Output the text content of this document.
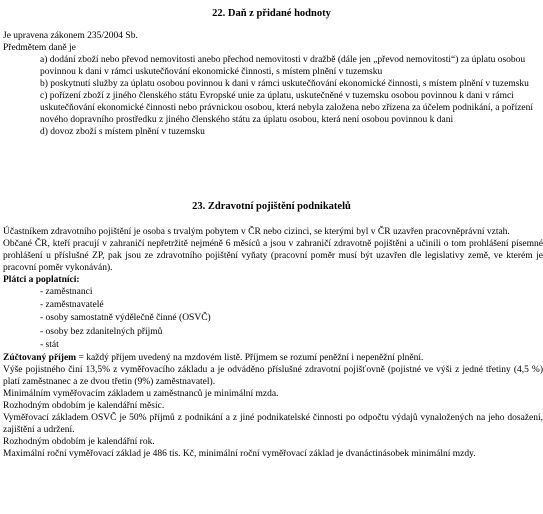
22. Daň z přidané hodnoty

Je upravena zákonem 235/2004 Sb.

Předmětem daně je

a) dodání zboží nebo převod nemovitosti anebo přechod nemovitosti v dražbě (dále jen „převod nemovitosti“) za úplatu osobou povinnou k dani v rámci uskutečňování ekonomické činnosti, s místem plnění v tuzemsku
b) poskytnutí služby za úplatu osobou povinnou k dani v rámci uskutečňování ekonomické činnosti, s místem plnění v tuzemsku
c) pořízení zboží z jiného členského státu Evropské unie za úplatu, uskutečněné v tuzemsku osobou povinnou k dani v rámci uskutečňování ekonomické činnosti nebo právnickou osobou, která nebyla založena nebo zřízena za účelem podnikání, a pořízení nového dopravního prostředku z jiného členského státu za úplatu osobou, která není osobou povinnou k dani
d) dovoz zboží s místem plnění v tuzemsku
23. Zdravotní pojištění podnikatelů

Účastníkem zdravotního pojištění je osoba s trvalým pobytem v ČR nebo cizinci, se kterými byl v ČR uzavřen pracovněprávní vztah.

Občané ČR, kteří pracují v zahraničí nepřetržitě nejméně 6 měsíců a jsou v zahraničí zdravotně pojištěni a učinili o tom prohlášení písemné prohlášení u příslušné ZP, pak jsou ze zdravotního pojištění vyňaty (pracovní poměr musí být uzavřen dle legislativy země, ve kterém je pracovní poměr vykonáván).

Plátci a poplatníci:

- zaměstnanci
- zaměstnavatelé
- osoby samostatně výdělečně činné (OSVČ)
- osoby bez zdanitelných příjmů
- stát

Zúčtovaný příjem = každý příjem uvedený na mzdovém listě. Příjmem se rozumí peněžní i nepeněžní plnění.

Výše pojistného činí 13,5% z vyměřovacího základu a je odváděno příslušné zdravotní pojišťovně (pojistné ve výši z jedné třetiny (4,5 %) platí zaměstnanec a ze dvou třetin (9%) zaměstnavatel).

Minimálním vyměřovacím základem u zaměstnanců je minimální mzda.

Rozhodným obdobím je kalendářní měsíc.

Vyměřovací základem OSVČ je 50% příjmů z podnikání a z jiné podnikatelské činnosti po odpočtu výdajů vynaložených na jeho dosažení, zajištění a udržení.

Rozhodným obdobím je kalendářní rok.

Maximální roční vyměřovací základ je 486 tis. Kč, minimální roční vyměřovací základ je dvanáctinásobek minimální mzdy.
